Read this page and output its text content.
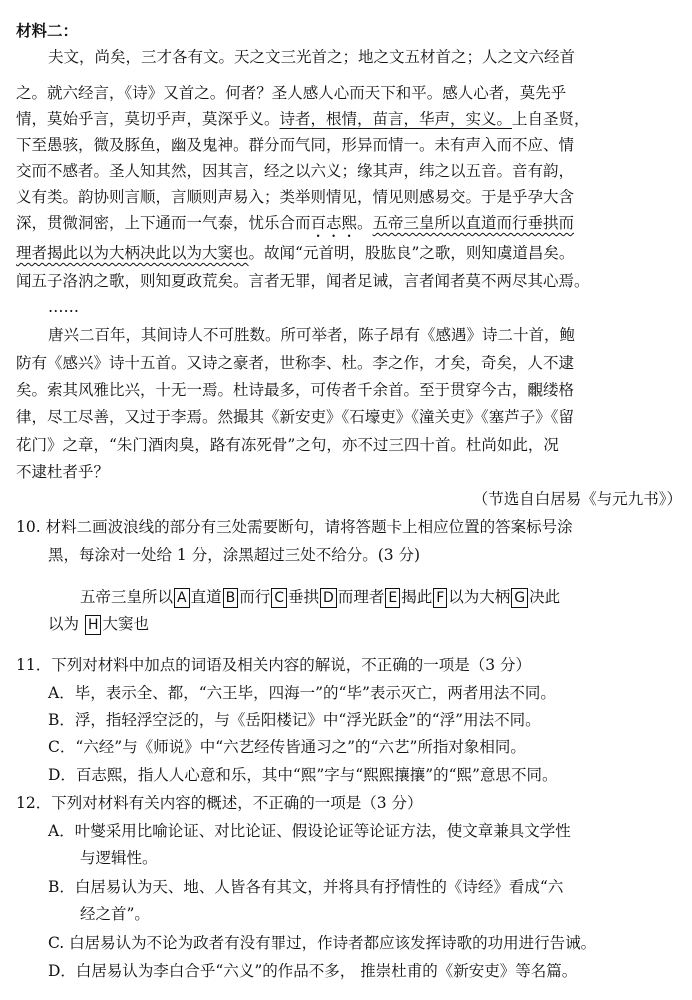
材料二：
夫文，尚矣，三才各有文。天之文三光首之；地之文五材首之；人之文六经首
之。就六经言，《诗》又首之。何者？圣人感人心而天下和平。感人心者，莫先乎
情，莫始乎言，莫切乎声，莫深乎义。诗者，根情，苗言，华声，实义。上自圣贤，
下至愚骇，微及豚鱼，幽及鬼神。群分而气同，形异而情一。未有声入而不应、情
交而不感者。圣人知其然，因其言，经之以六义；缘其声，纬之以五音。音有韵，
义有类。韵协则言顺，言顺则声易入；类举则情见，情见则感易交。于是乎孕大含
深，贯微洞密，上下通而一气泰，忧乐合而百志熙。五帝三皇所以直道而行垂拱而
理者揭此以为大柄决此以为大窦也。故闻“元首明，股肱良”之歌，则知虞道昌矣。
闻五子洛汭之歌，则知夏政荒矣。言者无罪，闻者足诫，言者闻者莫不两尽其心焉。
……
唐兴二百年，其间诗人不可胜数。所可举者，陈子昂有《感遇》诗二十首，鲍
防有《感兴》诗十五首。又诗之豪者，世称李、杜。李之作，才矣，奇矣，人不逮
矣。索其风雅比兴，十无一焉。杜诗最多，可传者千余首。至于贯穿今古，覼缕格
律，尽工尽善，又过于李焉。然撮其《新安吏》《石壕吏》《潼关吏》《塞芦子》《留
花门》之章，“朱门酒肉臭，路有冻死骨”之句，亦不过三四十首。杜尚如此，况
不逮杜者乎？
（节选自白居易《与元九书》）
10. 材料二画波浪线的部分有三处需要断句，请将答题卡上相应位置的答案标号涂
黑，每涂对一处给 1 分，涂黑超过三处不给分。(3 分)
五帝三皇所以 A 直道 B 而行 C 垂拱 D 而理者 E 揭此 F 以为大柄 G 决此
以为 H 大窦也
11．下列对材料中加点的词语及相关内容的解说，不正确的一项是（3 分）
A．毕，表示全、都，“六王毕，四海一”的“毕”表示灭亡，两者用法不同。
B．浮，指轻浮空泛的，与《岳阳楼记》中“浮光跃金”的“浮”用法不同。
C．“六经”与《师说》中“六艺经传皆通习之”的“六艺”所指对象相同。
D．百志熙，指人人心意和乐，其中“熙”字与“熙熙攘攘”的“熙”意思不同。
12．下列对材料有关内容的概述，不正确的一项是（3 分）
A．叶燮采用比喻论证、对比论证、假设论证等论证方法，使文章兼具文学性
与逻辑性。
B．白居易认为天、地、人皆各有其文，并将具有抒情性的《诗经》看成“六
经之首”。
C. 白居易认为不论为政者有没有罪过，作诗者都应该发挥诗歌的功用进行告诫。
D．白居易认为李白合乎“六义”的作品不多， 推崇杜甫的《新安吏》等名篇。
